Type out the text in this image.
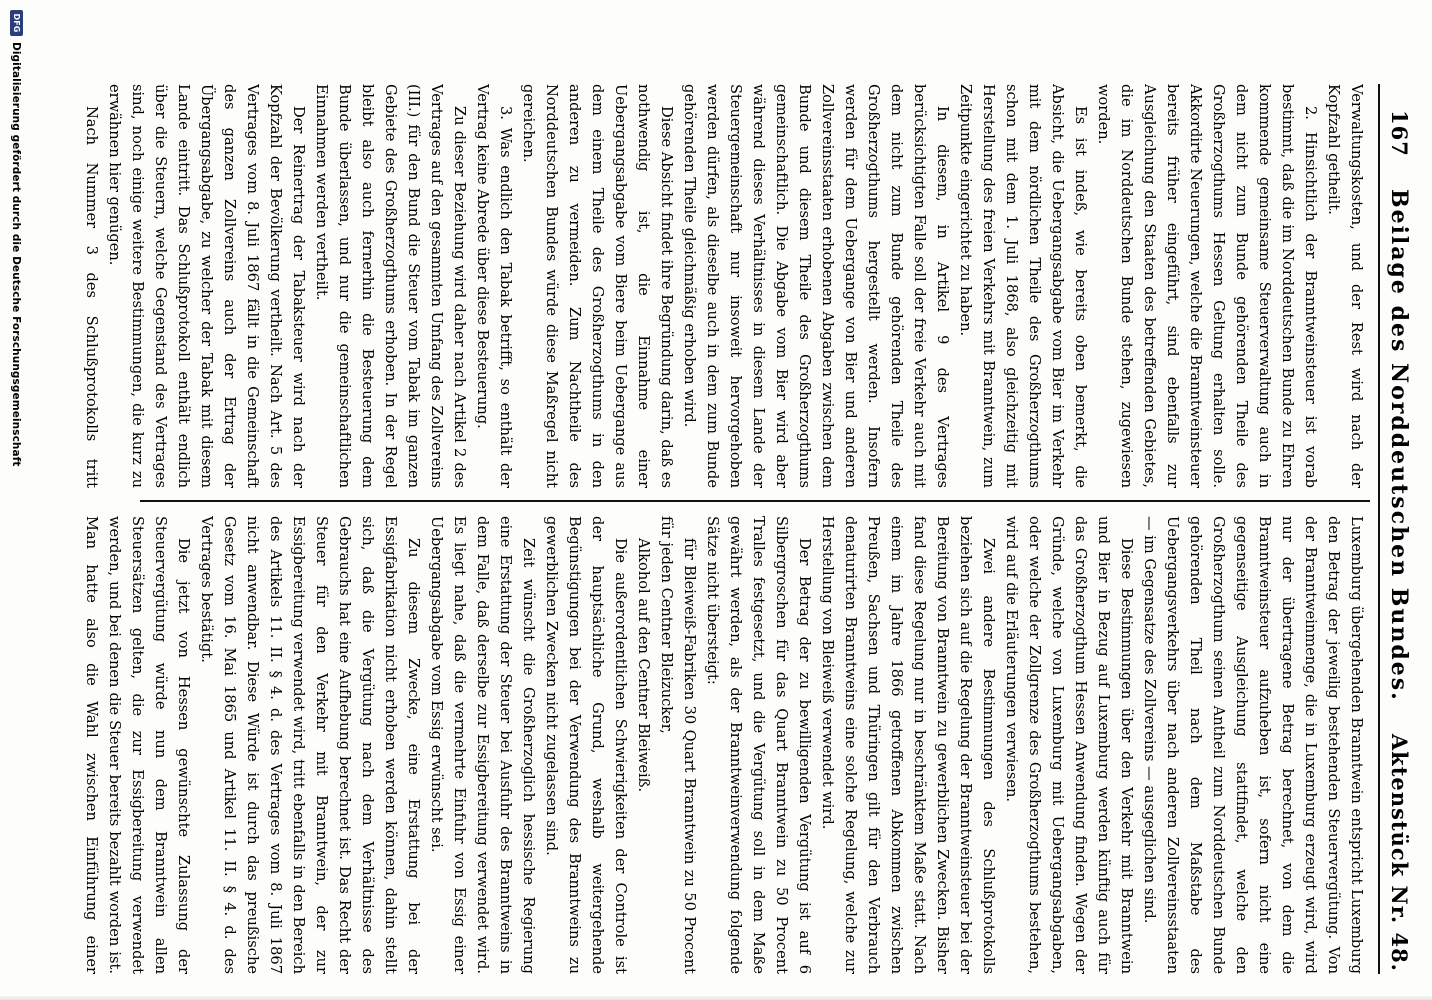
167
Beilage des Norddeutschen Bundes.
Aktenstück Nr. 48.

Verwaltungskosten, und der Rest wird nach der Kopfzahl getheilt.

2. Hinsichtlich der Branntweinsteuer ist vorab bestimmt, daß die im Norddeutschen Bunde zu Ehren kommende gemeinsame Steuerverwaltung auch in dem nicht zum Bunde gehörenden Theile des Großherzogthums Hessen Geltung erhalten solle. Akkordirte Neuerungen, welche die Branntweinsteuer bereits früher eingeführt, sind ebenfalls zur Ausgleichung den Staaten des betreffenden Gebietes, die im Norddeutschen Bunde stehen, zugewiesen worden.

Es ist indeß, wie bereits oben bemerkt, die Absicht, die Uebergangsabgabe vom Bier im Verkehr mit dem nördlichen Theile des Großherzogthums schon mit dem 1. Juli 1868, also gleichzeitig mit Herstellung des freien Verkehrs mit Branntwein, zum Zeitpunkte eingerichtet zu haben.

In diesem, in Artikel 9 des Vertrages berücksichtigten Falle soll der freie Verkehr auch mit dem nicht zum Bunde gehörenden Theile des Großherzogthums hergestellt werden. Insofern werden für dem Uebergange von Bier und anderen Zollvereinsstaaten erhobenen Abgaben zwischen dem Bunde und diesem Theile des Großherzogthums gemeinschaftlich. Die Abgabe vom Bier wird aber während dieses Verhältnisses in diesem Lande der Steuergemeinschaft nur insoweit hervorgehoben werden dürfen, als dieselbe auch in dem zum Bunde gehörenden Theile gleichmäßig erhoben wird.

Diese Absicht findet ihre Begründung darin, daß es nothwendig ist, die Einnahme einer Uebergangsabgabe vom Biere beim Uebergange aus dem einem Theile des Großherzogthums in den anderen zu vermeiden. Zum Nachtheile des Norddeutschen Bundes würde diese Maßregel nicht gereichen.

3. Was endlich den Tabak betrifft, so enthält der Vertrag keine Abrede über diese Besteuerung.

Zu dieser Beziehung wird daher nach Artikel 2 des Vertrages auf den gesammten Umfang des Zollvereins (III.) für den Bund die Steuer vom Tabak im ganzen Gebiete des Großherzogthums erhoben. In der Regel bleibt also auch fernerhin die Besteuerung dem Bunde überlassen, und nur die gemeinschaftlichen Einnahmen werden vertheilt.

Der Reinertrag der Tabaksteuer wird nach der Kopfzahl der Bevölkerung vertheilt. Nach Art. 5 des Vertrages vom 8. Juli 1867 fällt in die Gemeinschaft des ganzen Zollvereins auch der Ertrag der Übergangsabgabe, zu welcher der Tabak mit diesem Lande eintritt. Das Schlußprotokoll enthält endlich über die Steuern, welche Gegenstand des Vertrages sind, noch einige weitere Bestimmungen, die kurz zu erwähnen hier genügen.

Nach Nummer 3 des Schlußprotokolls tritt

Luxemburg übergehenden Branntwein entspricht Luxemburg den Betrag der jeweilig bestehenden Steuervergütung. Von der Branntweinmenge, die in Luxemburg erzeugt wird, wird nur der übertragene Betrag berechnet, von dem die Branntweinsteuer aufzuheben ist, sofern nicht eine gegenseitige Ausgleichung stattfindet, welche den Großherzogthum seinen Antheil zum Norddeutschen Bunde gehörenden Theil nach dem Maßstabe des Uebergangsverkehrs über nach anderen Zollvereinsstaaten — im Gegensatze des Zollvereins — ausgeglichen sind.

Diese Bestimmungen über den Verkehr mit Branntwein und Bier in Bezug auf Luxemburg werden künftig auch für das Großherzogthum Hessen Anwendung finden. Wegen der Gründe, welche von Luxemburg mit Uebergangsabgaben, oder welche der Zollgrenze des Großherzogthums bestehen, wird auf die Erläuterungen verwiesen.

Zwei andere Bestimmungen des Schlußprotokolls beziehen sich auf die Regelung der Branntweinsteuer bei der Bereitung von Branntwein zu gewerblichen Zwecken. Bisher fand diese Regelung nur in beschränktem Maße statt. Nach einem im Jahre 1866 getroffenen Abkommen zwischen Preußen, Sachsen und Thüringen gilt für den Verbrauch denaturirten Branntweins eine solche Regelung, welche zur Herstellung von Bleiweiß verwendet wird.

Der Betrag der zu bewilligenden Vergütung ist auf 6 Silbergroschen für das Quart Branntwein zu 50 Procent Tralles festgesetzt, und die Vergütung soll in dem Maße gewährt werden, als der Branntweinverwendung folgende Sätze nicht übersteigt:

für Bleiweiß-Fabriken 30 Quart Branntwein zu 50 Procent für jeden Centner Bleizucker,

Alkohol auf den Centner Bleiweiß.

Die außerordentlichen Schwierigkeiten der Controle ist der hauptsächliche Grund, weshalb weitergehende Begünstigungen bei der Verwendung des Branntweins zu gewerblichen Zwecken nicht zugelassen sind.

Zeit wünscht die Großherzoglich hessische Regierung eine Erstattung der Steuer bei Ausfuhr des Branntweins in dem Falle, daß derselbe zur Essigbereitung verwendet wird. Es liegt nahe, daß die vermehrte Einfuhr von Essig einer Uebergangsabgabe vom Essig erwünscht sei.

Zu diesem Zwecke, eine Erstattung bei der Essigfabrikation nicht erhoben werden können, dahin stellt sich, daß die Vergütung nach dem Verhältnisse des Gebrauchs hat eine Aufhebung berechnet ist. Das Recht der Steuer für den Verkehr mit Branntwein, der zur Essigbereitung verwendet wird, tritt ebenfalls in den Bereich des Artikels 11. II. § 4. d. des Vertrages vom 8. Juli 1867 nicht anwendbar. Diese Würde ist durch das preußische Gesetz vom 16. Mai 1865 und Artikel 11. II. § 4. d. des Vertrages bestätigt.

Die jetzt von Hessen gewünschte Zulassung der Steuervergütung würde nun dem Branntwein allen Steuersätzen gelten, die zur Essigbereitung verwendet werden, und bei denen die Steuer bereits bezahlt worden ist. Man hatte also die Wahl zwischen Einführung einer

DFG
Digitalisierung gefördert durch die Deutsche Forschungsgemeinschaft
